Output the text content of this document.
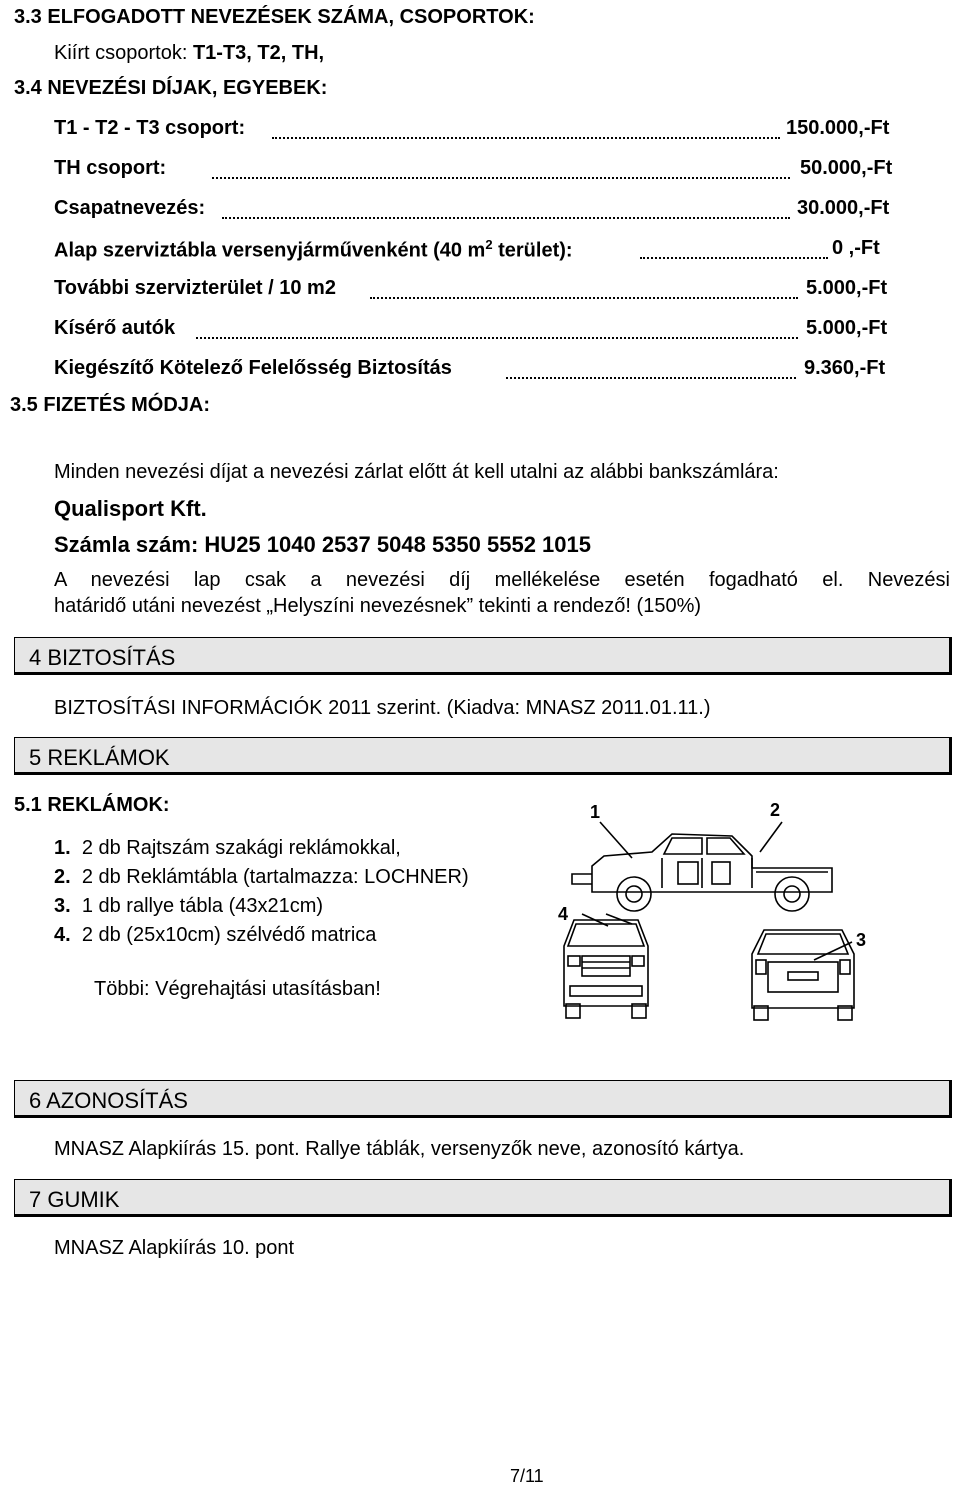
3.3 ELFOGADOTT NEVEZÉSEK SZÁMA, CSOPORTOK:
Kiírt csoportok: T1-T3, T2, TH,
3.4 NEVEZÉSI DÍJAK, EGYEBEK:
T1 - T2 - T3 csoport:	150.000,-Ft
TH csoport:	50.000,-Ft
Csapatnevezés:	30.000,-Ft
Alap szerviztábla versenyjárművenként (40 $m^2$ terület):	0 ,-Ft
További szervizterület / 10 m2	5.000,-Ft
Kísérő autók	5.000,-Ft
Kiegészítő Kötelező Felelősség Biztosítás	9.360,-Ft
3.5 FIZETÉS MÓDJA:
Minden nevezési díjat a nevezési zárlat előtt át kell utalni az alábbi bankszámlára:
Qualisport Kft.
Számla szám: HU25 1040 2537 5048 5350 5552 1015
A nevezési lap csak a nevezési díj mellékelése esetén fogadható el. Nevezési
határidő utáni nevezést „Helyszíni nevezésnek” tekinti a rendező! (150%)
4 BIZTOSÍTÁS
BIZTOSÍTÁSI INFORMÁCIÓK 2011 szerint. (Kiadva: MNASZ 2011.01.11.)
5 REKLÁMOK
5.1 REKLÁMOK:
1. 2 db Rajtszám szakági reklámokkal,
2. 2 db Reklámtábla (tartalmazza: LOCHNER)
3. 1 db rallye tábla (43x21cm)
4. 2 db (25x10cm) szélvédő matrica
Többi: Végrehajtási utasításban!
1	2
3
4
6 AZONOSÍTÁS
MNASZ Alapkiírás 15. pont. Rallye táblák, versenyzők neve, azonosító kártya.
7 GUMIK
MNASZ Alapkiírás 10. pont
7/11
